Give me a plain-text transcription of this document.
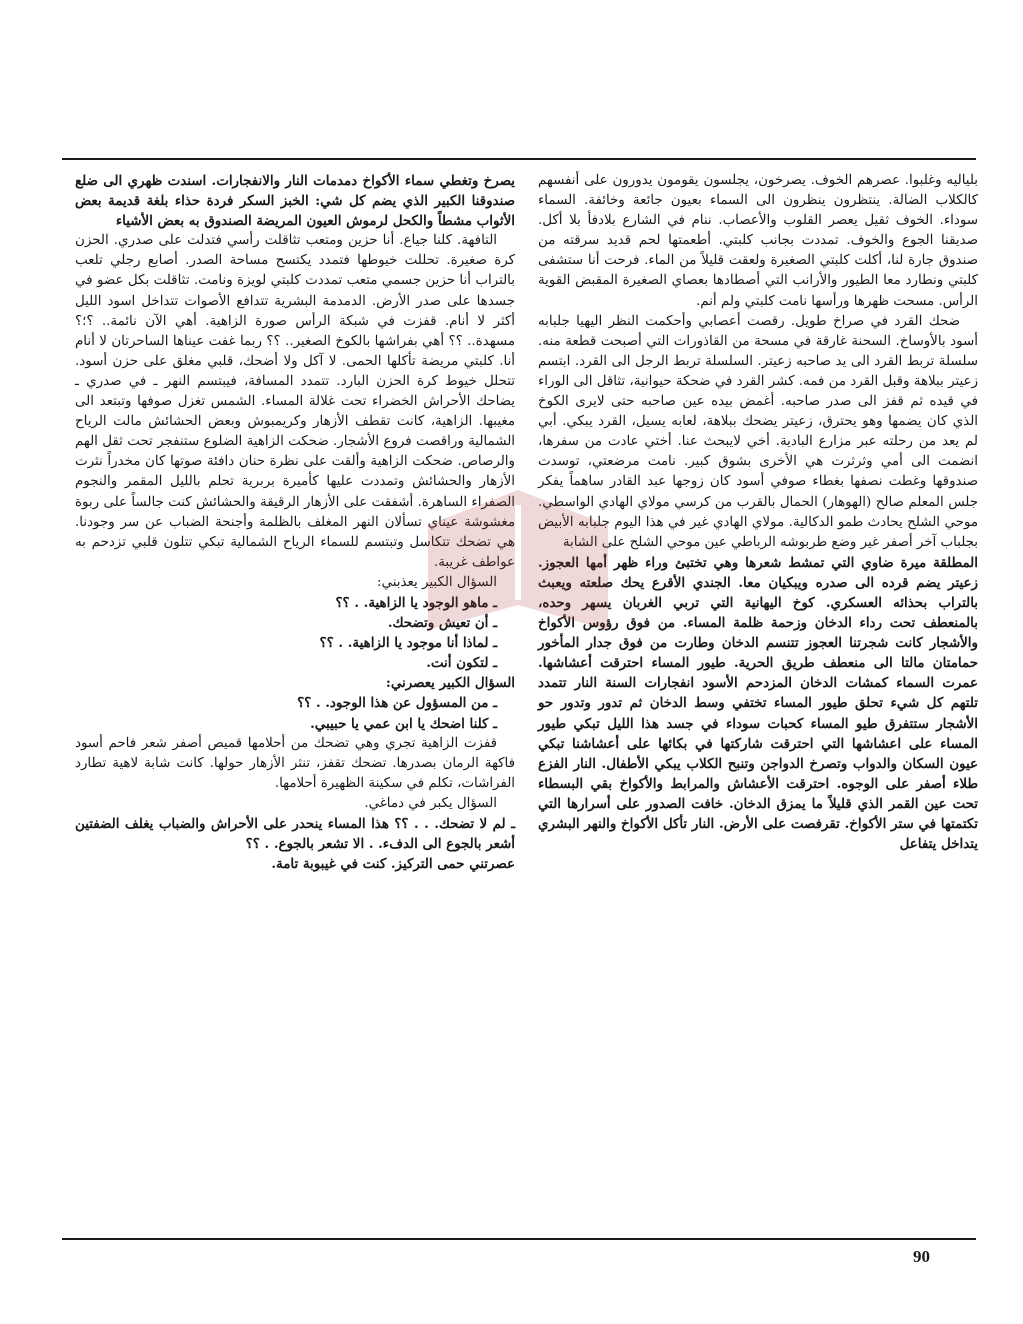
بلياليه وغلبوا. عصرهم الخوف. يصرخون، يجلسون يقومون يدورون على أنفسهم كالكلاب الضالة. ينتظرون ينظرون الى السماء بعيون جائعة وخائفة. السماء سوداء. الخوف ثقيل يعصر القلوب والأعصاب. ننام في الشارع بلادفأ بلا أكل. صديقنا الجوع والخوف. تمددت بجانب كلبتي. أطعمتها لحم قديد سرقته من صندوق جارة لنا، أكلت كلبتي الصغيرة ولعقت قليلاً من الماء. فرحت أنا ستشفى كلبتي ونطارد معا الطيور والأرانب التي أصطادها بعصاي الصغيرة المقبض القوية الرأس. مسحت ظهرها ورأسها نامت كلبتي ولم أنم.

ضحك القرد في صراخ طويل. رقصت أعصابي وأحكمت النظر اليهيا جلبابه أسود بالأوساخ. السحنة غارقة في مسحة من القاذورات التي أصبحت قطعة منه. سلسلة تربط القرد الى يد صاحبه زعيتر. السلسلة تربط الرجل الى القرد. ابتسم زعيتر ببلاهة وقبل القرد من فمه. كشر القرد في ضحكة حيوانية، تثاقل الى الوراء في قيده ثم قفز الى صدر صاحبه. أغمض بيده عين صاحبه حتى لايرى الكوخ الذي كان يضمها وهو يحترق، زعيتر يضحك ببلاهة، لعابه يسيل، القرد يبكي. أبي لم يعد من رحلته عبر مزارع البادية. أخي لايبحث عنا. أختي عادت من سفرها، انضمت الى أمي وثرثرت هي الأخرى بشوق كبير. نامت مرضعتي، توسدت صندوقها وغطت نصفها بغطاء صوفي أسود كان زوجها عبد القادر ساهماً يفكر جلس المعلم صالح (الهوهار) الحمال بالقرب من كرسي مولاي الهادي الواسطي. موحي الشلح يحادث طمو الدكالية. مولاي الهادي غير في هذا اليوم جلبابه الأبيض بجلباب آخر أصفر غير وضع طربوشه الرباطي عين موحي الشلح على الشابة

المطلقة ميرة ضاوي التي تمشط شعرها وهي تختبئ وراء ظهر أمها العجوز. زعيتر يضم قرده الى صدره ويبكيان معا. الجندي الأقرع يحك صلعته ويعبث بالتراب بحذائه العسكري. كوخ اليهانية التي تربي الغربان يسهر وحده، بالمنعطف تحت رداء الدخان وزحمة ظلمة المساء. من فوق رؤوس الأكواخ والأشجار كانت شجرتنا العجوز تتنسم الدخان وطارت من فوق جدار المأخور حمامتان مالتا الى منعطف طريق الحرية. طيور المساء احترقت أعشاشها. عمرت السماء كمشات الدخان المزدحم الأسود انفجارات السنة النار تتمدد تلتهم كل شيء تحلق طيور المساء تختفي وسط الدخان ثم تدور وتدور حو الأشجار ستتفرق طيو المساء كحبات سوداء في جسد هذا الليل تبكي طيور المساء على اعشاشها التي احترقت شاركتها في بكائها على أعشاشنا تبكي عيون السكان والدواب وتصرخ الدواجن وتنبح الكلاب يبكي الأطفال. النار الفزع طلاء أصفر على الوجوه. احترقت الأعشاش والمرابط والأكواخ بقي البسطاء تحت عين القمر الذي قليلاً ما يمزق الدخان. خافت الصدور على أسرارها التي تكتمتها في ستر الأكواخ. تقرفصت على الأرض. النار تأكل الأكواخ والنهر البشري يتداخل يتفاعل

يصرخ وتغطي سماء الأكواخ دمدمات النار والانفجارات. اسندت ظهري الى ضلع صندوقنا الكبير الذي يضم كل شي: الخبز السكر فردة حذاء بلغة قديمة بعض الأثواب مشطاً والكحل لرموش العيون المريضة الصندوق به بعض الأشياء

التافهة. كلنا جياع. أنا حزين ومتعب تثاقلت رأسي فتدلت على صدري. الحزن كرة صغيرة. تحللت خيوطها فتمدد يكتسح مساحة الصدر. أصابع رجلي تلعب بالتراب أنا حزين جسمي متعب تمددت كلبتي لويزة ونامت. تثاقلت بكل عضو في جسدها على صدر الأرض. الدمدمة البشرية تتدافع الأصوات تتداخل اسود الليل أكثر لا أنام. قفزت في شبكة الرأس صورة الزاهية. أهي الآن نائمة.. ؟؛؟ مسهدة.. ؟؟ أهي بفراشها بالكوخ الصغير.. ؟؟ ربما غفت عيناها الساحرتان لا أنام أنا. كلبتي مريضة تأكلها الحمى. لا آكل ولا أضحك، قلبي مغلق على حزن أسود. تتحلل خيوط كرة الحزن البارد. تتمدد المسافة، فيبتسم النهر ـ في صدري ـ يضاحك الأحراش الخضراء تحت غلالة المساء. الشمس تغزل صوفها وتبتعد الى مغيبها. الزاهية، كانت تقطف الأزهار وكريمبوش وبعض الحشائش مالت الرياح الشمالية وراقصت فروع الأشجار. ضحكت الزاهية الضلوع ستنفجر تحت ثقل الهم والرصاص. ضحكت الزاهية وألقت على نظرة حنان دافئة صوتها كان مخدراً نثرت الأزهار والحشائش وتمددت عليها كأميرة بربرية تحلم بالليل المقمر والنجوم الصفراء الساهرة. أشفقت على الأزهار الرقيقة والحشائش كنت جالساً على ربوة مغشوشة عيناي تسألان النهر المغلف بالظلمة وأجنحة الضباب عن سر وجودنا. هي تضحك تتكاسل وتبتسم للسماء الرياح الشمالية تبكي تتلون قلبي تزدحم به عواطف غريبة.

السؤال الكبير يعذبني:

ـ ماهو الوجود يا الزاهية. . ؟؟

ـ أن تعيش وتضحك.

ـ لماذا أنا موجود يا الزاهية. . ؟؟

ـ لتكون أنت.

السؤال الكبير يعصرني:

ـ من المسؤول عن هذا الوجود. . ؟؟

ـ كلنا اضحك يا ابن عمي يا حبيبي.

قفزت الزاهية تجري وهي تضحك من أحلامها قميص أصفر شعر فاحم أسود فاكهة الرمان بصدرها. تضحك تقفز، تنثر الأزهار حولها. كانت شابة لاهية تطارد الفراشات، تكلم في سكينة الظهيرة أحلامها.

السؤال يكبر في دماغي.

ـ لم لا تضحك. . . ؟؟ هذا المساء ينحدر على الأحراش والضباب يغلف الضفتين أشعر بالجوع الى الدفء. . الا تشعر بالجوع. . ؟؟

عصرتني حمى التركيز. كنت في غيبوبة تامة.

90
